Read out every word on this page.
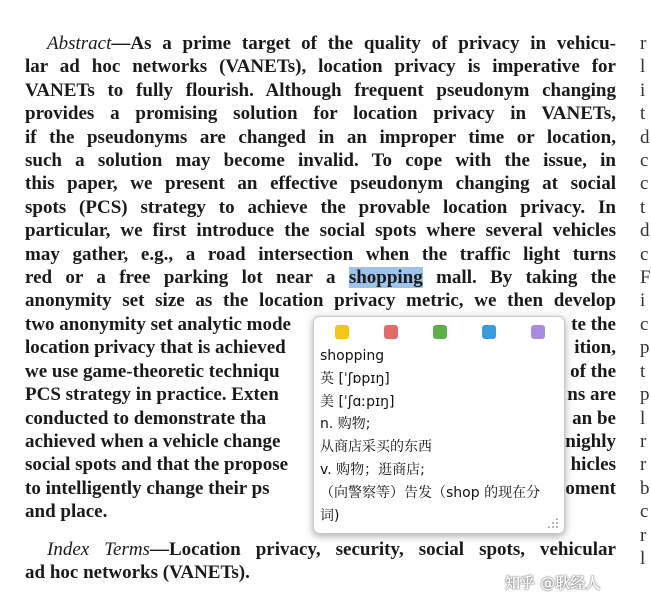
Abstract—As a prime target of the quality of privacy in vehicu-
lar ad hoc networks (VANETs), location privacy is imperative for
VANETs to fully flourish. Although frequent pseudonym changing
provides a promising solution for location privacy in VANETs,
if the pseudonyms are changed in an improper time or location,
such a solution may become invalid. To cope with the issue, in
this paper, we present an effective pseudonym changing at social
spots (PCS) strategy to achieve the provable location privacy. In
particular, we first introduce the social spots where several vehicles
may gather, e.g., a road intersection when the traffic light turns
red or a free parking lot near a shopping mall. By taking the
anonymity set size as the location privacy metric, we then develop
two anonymity set analytic mode	te the
location privacy that is achieved	ition,
we use game-theoretic techniqu	of the
PCS strategy in practice. Exten	ns are
conducted to demonstrate tha	an be
achieved when a vehicle change	nighly
social spots and that the propose	hicles
to intelligently change their ps	oment
and place.
Index Terms—Location privacy, security, social spots, vehicular
ad hoc networks (VANETs).
r
l
i
t
d
c
c
t
d
c
F
i
c
p
t
p
l
r
r
b
c
r
l
shopping
英 [ˈʃɒpɪŋ]
美 [ˈʃɑːpɪŋ]
n. 购物;
从商店采买的东西
v. 购物；逛商店;
（向警察等）告发（shop 的现在分词)
知乎 @耿经人
